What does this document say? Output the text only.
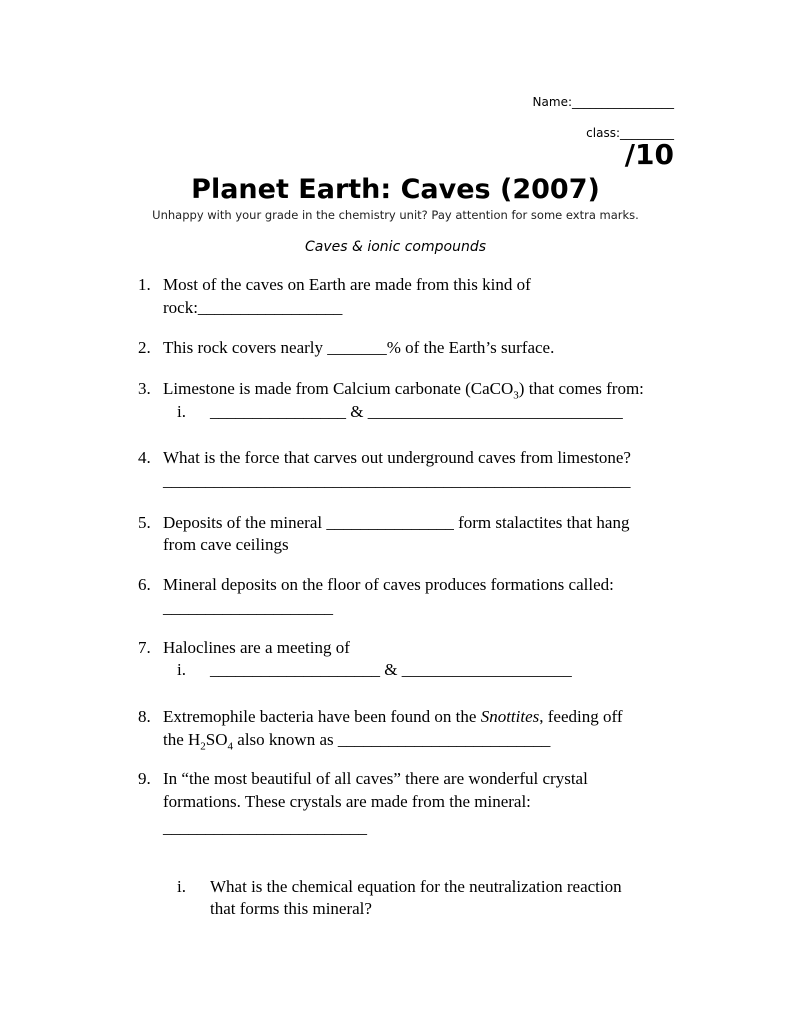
Name:_________________
class:_________
/10
Planet Earth: Caves (2007)
Unhappy with your grade in the chemistry unit? Pay attention for some extra marks.
Caves & ionic compounds
1. Most of the caves on Earth are made from this kind of
rock:_________________
2. This rock covers nearly _______% of the Earth’s surface.
3. Limestone is made from Calcium carbonate (CaCO$_3$) that comes from:
i. ________________ & ______________________________
4. What is the force that carves out underground caves from limestone?
_______________________________________________________
5. Deposits of the mineral _______________ form stalactites that hang
from cave ceilings
6. Mineral deposits on the floor of caves produces formations called:
____________________
7. Haloclines are a meeting of
i. ____________________ & ____________________
8. Extremophile bacteria have been found on the Snottites, feeding off
the $H_2SO_4$ also known as _________________________
9. In “the most beautiful of all caves” there are wonderful crystal
formations. These crystals are made from the mineral:
________________________
i. What is the chemical equation for the neutralization reaction
that forms this mineral?
